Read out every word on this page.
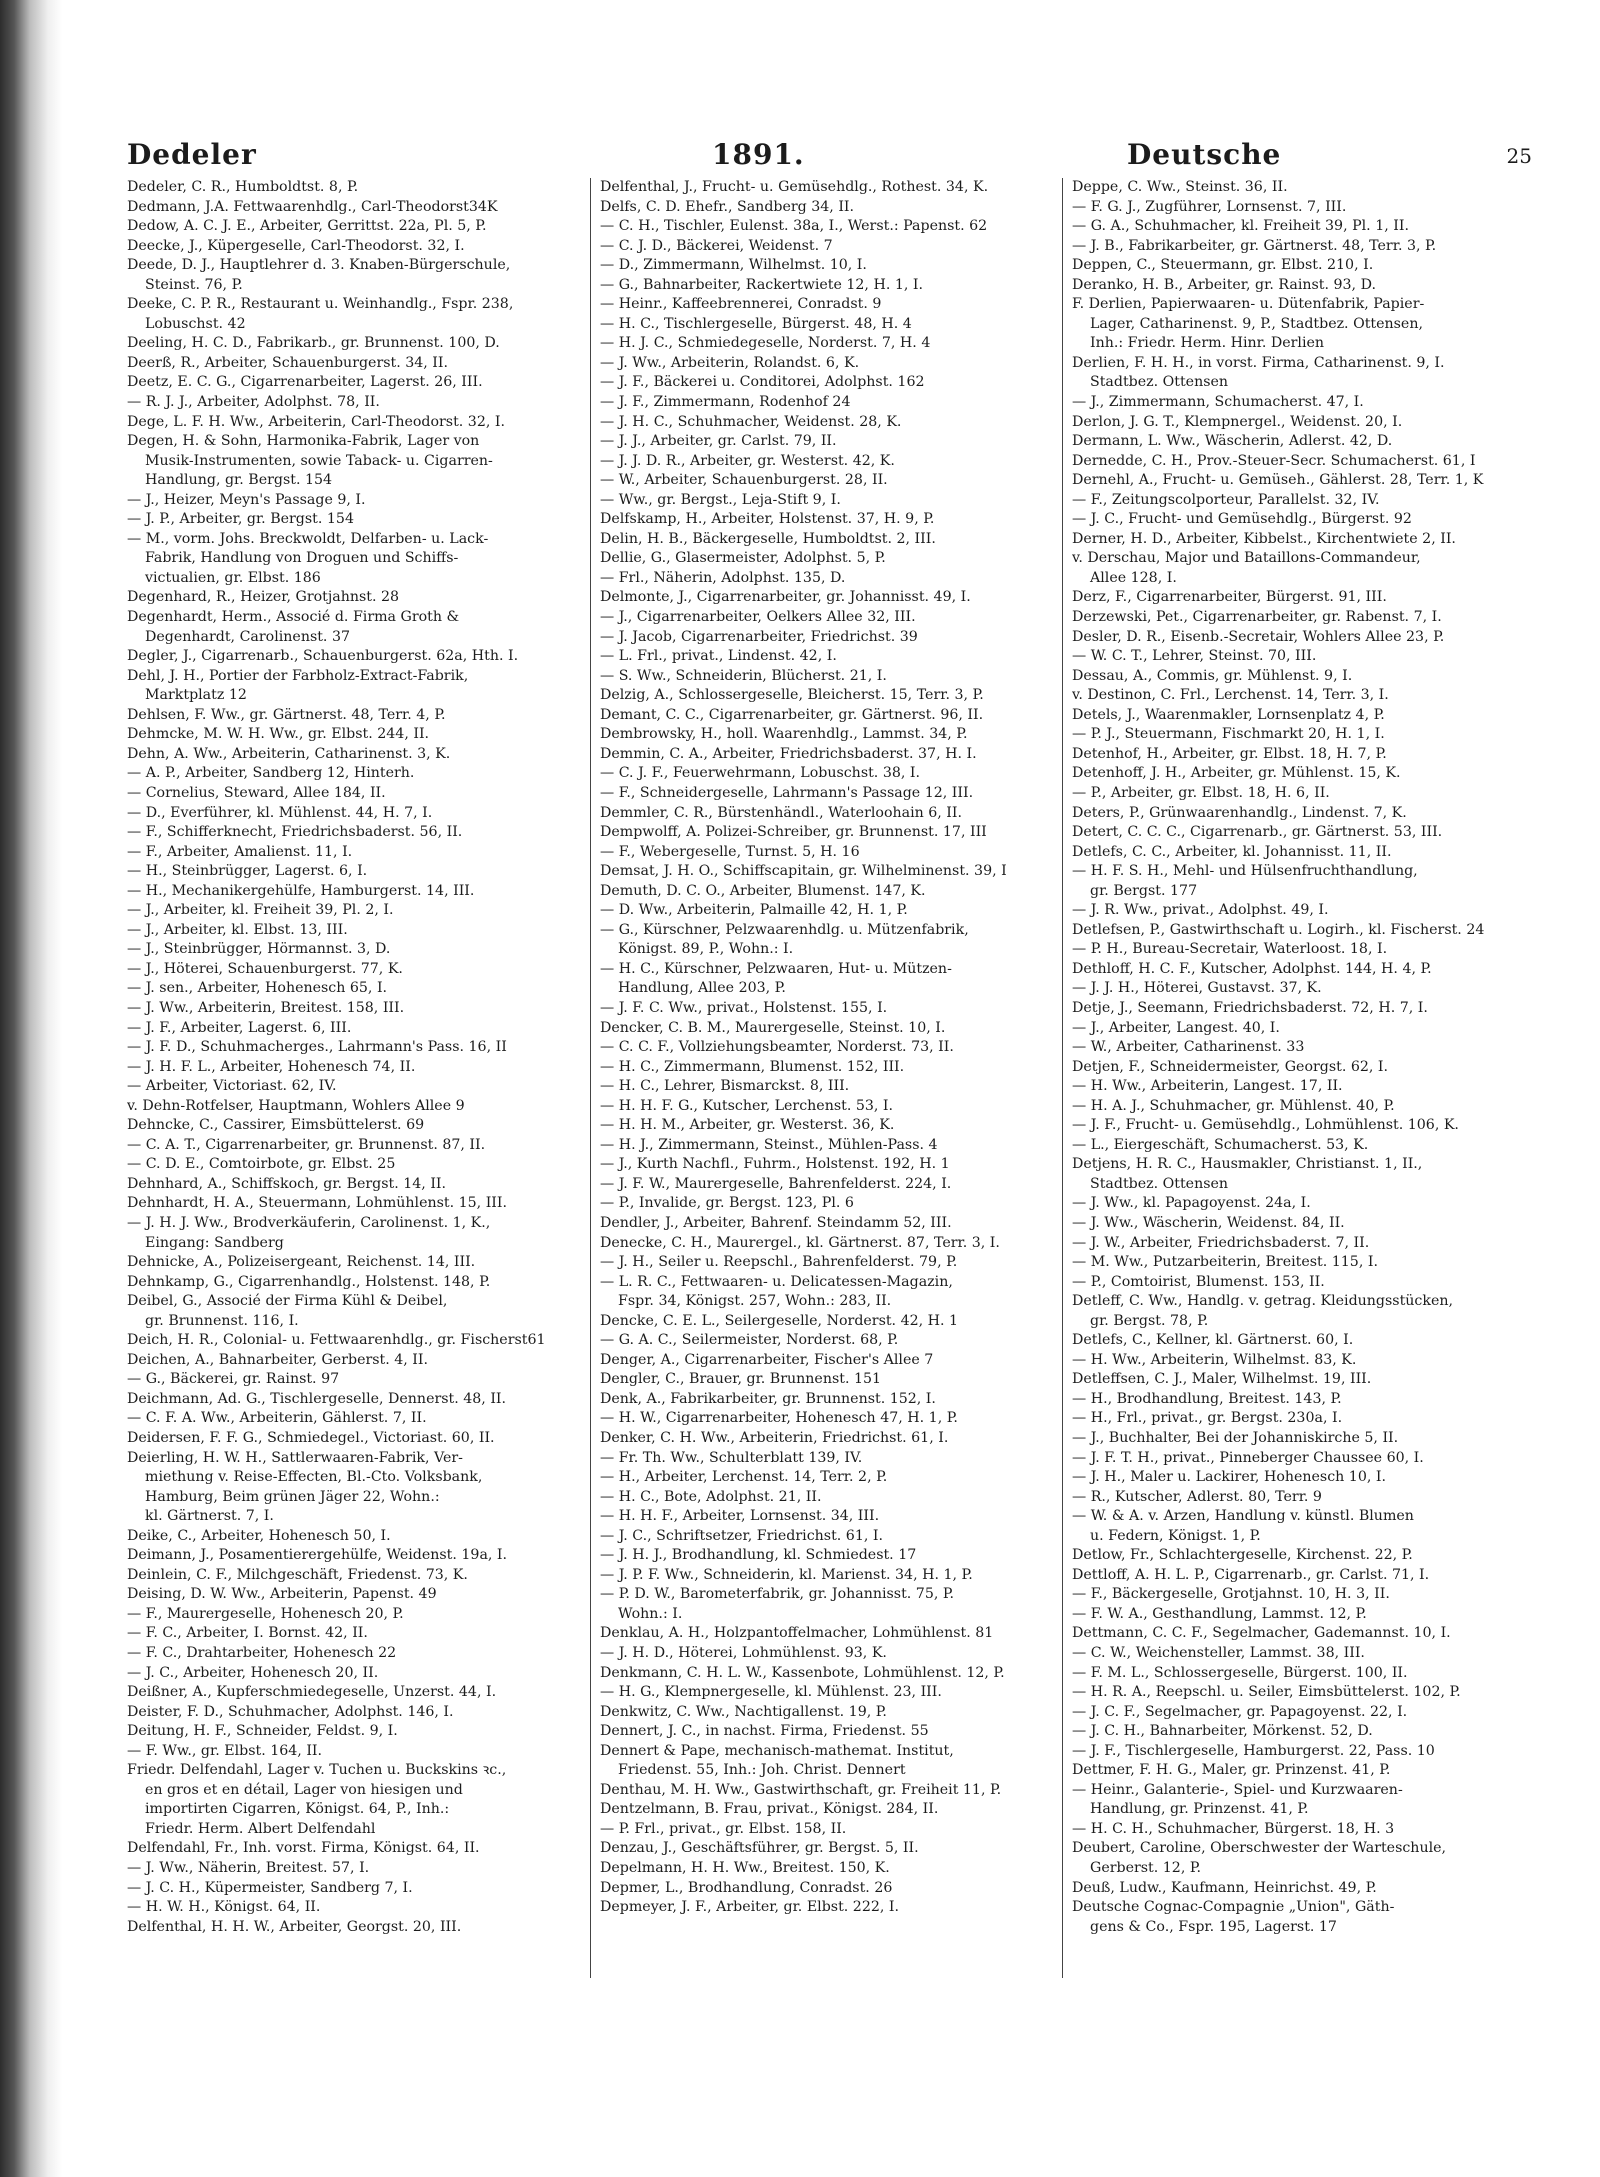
Dedeler	1891.	Deutsche	25
Dedeler, C. R., Humboldtst. 8, P.
Dedmann, J.A. Fettwaarenhdlg., Carl-Theodorst34K
Dedow, A. C. J. E., Arbeiter, Gerrittst. 22a, Pl. 5, P.
Deecke, J., Küpergeselle, Carl-Theodorst. 32, I.
Deede, D. J., Hauptlehrer d. 3. Knaben-Bürgerschule,
Steinst. 76, P.
Deeke, C. P. R., Restaurant u. Weinhandlg., Fspr. 238,
Lobuschst. 42
Deeling, H. C. D., Fabrikarb., gr. Brunnenst. 100, D.
Deerß, R., Arbeiter, Schauenburgerst. 34, II.
Deetz, E. C. G., Cigarrenarbeiter, Lagerst. 26, III.
— R. J. J., Arbeiter, Adolphst. 78, II.
Dege, L. F. H. Ww., Arbeiterin, Carl-Theodorst. 32, I.
Degen, H. & Sohn, Harmonika-Fabrik, Lager von
Musik-Instrumenten, sowie Taback- u. Cigarren-
Handlung, gr. Bergst. 154
— J., Heizer, Meyn's Passage 9, I.
— J. P., Arbeiter, gr. Bergst. 154
— M., vorm. Johs. Breckwoldt, Delfarben- u. Lack-
Fabrik, Handlung von Droguen und Schiffs-
victualien, gr. Elbst. 186
Degenhard, R., Heizer, Grotjahnst. 28
Degenhardt, Herm., Associé d. Firma Groth &
Degenhardt, Carolinenst. 37
Degler, J., Cigarrenarb., Schauenburgerst. 62a, Hth. I.
Dehl, J. H., Portier der Farbholz-Extract-Fabrik,
Marktplatz 12
Dehlsen, F. Ww., gr. Gärtnerst. 48, Terr. 4, P.
Dehmcke, M. W. H. Ww., gr. Elbst. 244, II.
Dehn, A. Ww., Arbeiterin, Catharinenst. 3, K.
— A. P., Arbeiter, Sandberg 12, Hinterh.
— Cornelius, Steward, Allee 184, II.
— D., Everführer, kl. Mühlenst. 44, H. 7, I.
— F., Schifferknecht, Friedrichsbaderst. 56, II.
— F., Arbeiter, Amalienst. 11, I.
— H., Steinbrügger, Lagerst. 6, I.
— H., Mechanikergehülfe, Hamburgerst. 14, III.
— J., Arbeiter, kl. Freiheit 39, Pl. 2, I.
— J., Arbeiter, kl. Elbst. 13, III.
— J., Steinbrügger, Hörmannst. 3, D.
— J., Höterei, Schauenburgerst. 77, K.
— J. sen., Arbeiter, Hohenesch 65, I.
— J. Ww., Arbeiterin, Breitest. 158, III.
— J. F., Arbeiter, Lagerst. 6, III.
— J. F. D., Schuhmacherges., Lahrmann's Pass. 16, II
— J. H. F. L., Arbeiter, Hohenesch 74, II.
— Arbeiter, Victoriast. 62, IV.
v. Dehn-Rotfelser, Hauptmann, Wohlers Allee 9
Dehncke, C., Cassirer, Eimsbüttelerst. 69
— C. A. T., Cigarrenarbeiter, gr. Brunnenst. 87, II.
— C. D. E., Comtoirbote, gr. Elbst. 25
Dehnhard, A., Schiffskoch, gr. Bergst. 14, II.
Dehnhardt, H. A., Steuermann, Lohmühlenst. 15, III.
— J. H. J. Ww., Brodverkäuferin, Carolinenst. 1, K.,
Eingang: Sandberg
Dehnicke, A., Polizeisergeant, Reichenst. 14, III.
Dehnkamp, G., Cigarrenhandlg., Holstenst. 148, P.
Deibel, G., Associé der Firma Kühl & Deibel,
gr. Brunnenst. 116, I.
Deich, H. R., Colonial- u. Fettwaarenhdlg., gr. Fischerst61
Deichen, A., Bahnarbeiter, Gerberst. 4, II.
— G., Bäckerei, gr. Rainst. 97
Deichmann, Ad. G., Tischlergeselle, Dennerst. 48, II.
— C. F. A. Ww., Arbeiterin, Gählerst. 7, II.
Deidersen, F. F. G., Schmiedegel., Victoriast. 60, II.
Deierling, H. W. H., Sattlerwaaren-Fabrik, Ver-
miethung v. Reise-Effecten, Bl.-Cto. Volksbank,
Hamburg, Beim grünen Jäger 22, Wohn.:
kl. Gärtnerst. 7, I.
Deike, C., Arbeiter, Hohenesch 50, I.
Deimann, J., Posamentierergehülfe, Weidenst. 19a, I.
Deinlein, C. F., Milchgeschäft, Friedenst. 73, K.
Deising, D. W. Ww., Arbeiterin, Papenst. 49
— F., Maurergeselle, Hohenesch 20, P.
— F. C., Arbeiter, I. Bornst. 42, II.
— F. C., Drahtarbeiter, Hohenesch 22
— J. C., Arbeiter, Hohenesch 20, II.
Deißner, A., Kupferschmiedegeselle, Unzerst. 44, I.
Deister, F. D., Schuhmacher, Adolphst. 146, I.
Deitung, H. F., Schneider, Feldst. 9, I.
— F. Ww., gr. Elbst. 164, II.
Friedr. Delfendahl, Lager v. Tuchen u. Buckskins ꝛc.,
en gros et en détail, Lager von hiesigen und
importirten Cigarren, Königst. 64, P., Inh.:
Friedr. Herm. Albert Delfendahl
Delfendahl, Fr., Inh. vorst. Firma, Königst. 64, II.
— J. Ww., Näherin, Breitest. 57, I.
— J. C. H., Küpermeister, Sandberg 7, I.
— H. W. H., Königst. 64, II.
Delfenthal, H. H. W., Arbeiter, Georgst. 20, III.
Delfenthal, J., Frucht- u. Gemüsehdlg., Rothest. 34, K.
Delfs, C. D. Ehefr., Sandberg 34, II.
— C. H., Tischler, Eulenst. 38a, I., Werst.: Papenst. 62
— C. J. D., Bäckerei, Weidenst. 7
— D., Zimmermann, Wilhelmst. 10, I.
— G., Bahnarbeiter, Rackertwiete 12, H. 1, I.
— Heinr., Kaffeebrennerei, Conradst. 9
— H. C., Tischlergeselle, Bürgerst. 48, H. 4
— H. J. C., Schmiedegeselle, Norderst. 7, H. 4
— J. Ww., Arbeiterin, Rolandst. 6, K.
— J. F., Bäckerei u. Conditorei, Adolphst. 162
— J. F., Zimmermann, Rodenhof 24
— J. H. C., Schuhmacher, Weidenst. 28, K.
— J. J., Arbeiter, gr. Carlst. 79, II.
— J. J. D. R., Arbeiter, gr. Westerst. 42, K.
— W., Arbeiter, Schauenburgerst. 28, II.
— Ww., gr. Bergst., Leja-Stift 9, I.
Delfskamp, H., Arbeiter, Holstenst. 37, H. 9, P.
Delin, H. B., Bäckergeselle, Humboldtst. 2, III.
Dellie, G., Glasermeister, Adolphst. 5, P.
— Frl., Näherin, Adolphst. 135, D.
Delmonte, J., Cigarrenarbeiter, gr. Johannisst. 49, I.
— J., Cigarrenarbeiter, Oelkers Allee 32, III.
— J. Jacob, Cigarrenarbeiter, Friedrichst. 39
— L. Frl., privat., Lindenst. 42, I.
— S. Ww., Schneiderin, Blücherst. 21, I.
Delzig, A., Schlossergeselle, Bleicherst. 15, Terr. 3, P.
Demant, C. C., Cigarrenarbeiter, gr. Gärtnerst. 96, II.
Dembrowsky, H., holl. Waarenhdlg., Lammst. 34, P.
Demmin, C. A., Arbeiter, Friedrichsbaderst. 37, H. I.
— C. J. F., Feuerwehrmann, Lobuschst. 38, I.
— F., Schneidergeselle, Lahrmann's Passage 12, III.
Demmler, C. R., Bürstenhändl., Waterloohain 6, II.
Dempwolff, A. Polizei-Schreiber, gr. Brunnenst. 17, III
— F., Webergeselle, Turnst. 5, H. 16
Demsat, J. H. O., Schiffscapitain, gr. Wilhelminenst. 39, I
Demuth, D. C. O., Arbeiter, Blumenst. 147, K.
— D. Ww., Arbeiterin, Palmaille 42, H. 1, P.
— G., Kürschner, Pelzwaarenhdlg. u. Mützenfabrik,
Königst. 89, P., Wohn.: I.
— H. C., Kürschner, Pelzwaaren, Hut- u. Mützen-
Handlung, Allee 203, P.
— J. F. C. Ww., privat., Holstenst. 155, I.
Dencker, C. B. M., Maurergeselle, Steinst. 10, I.
— C. C. F., Vollziehungsbeamter, Norderst. 73, II.
— H. C., Zimmermann, Blumenst. 152, III.
— H. C., Lehrer, Bismarckst. 8, III.
— H. H. F. G., Kutscher, Lerchenst. 53, I.
— H. H. M., Arbeiter, gr. Westerst. 36, K.
— H. J., Zimmermann, Steinst., Mühlen-Pass. 4
— J., Kurth Nachfl., Fuhrm., Holstenst. 192, H. 1
— J. F. W., Maurergeselle, Bahrenfelderst. 224, I.
— P., Invalide, gr. Bergst. 123, Pl. 6
Dendler, J., Arbeiter, Bahrenf. Steindamm 52, III.
Denecke, C. H., Maurergel., kl. Gärtnerst. 87, Terr. 3, I.
— J. H., Seiler u. Reepschl., Bahrenfelderst. 79, P.
— L. R. C., Fettwaaren- u. Delicatessen-Magazin,
Fspr. 34, Königst. 257, Wohn.: 283, II.
Dencke, C. E. L., Seilergeselle, Norderst. 42, H. 1
— G. A. C., Seilermeister, Norderst. 68, P.
Denger, A., Cigarrenarbeiter, Fischer's Allee 7
Dengler, C., Brauer, gr. Brunnenst. 151
Denk, A., Fabrikarbeiter, gr. Brunnenst. 152, I.
— H. W., Cigarrenarbeiter, Hohenesch 47, H. 1, P.
Denker, C. H. Ww., Arbeiterin, Friedrichst. 61, I.
— Fr. Th. Ww., Schulterblatt 139, IV.
— H., Arbeiter, Lerchenst. 14, Terr. 2, P.
— H. C., Bote, Adolphst. 21, II.
— H. H. F., Arbeiter, Lornsenst. 34, III.
— J. C., Schriftsetzer, Friedrichst. 61, I.
— J. H. J., Brodhandlung, kl. Schmiedest. 17
— J. P. F. Ww., Schneiderin, kl. Marienst. 34, H. 1, P.
— P. D. W., Barometerfabrik, gr. Johannisst. 75, P.
Wohn.: I.
Denklau, A. H., Holzpantoffelmacher, Lohmühlenst. 81
— J. H. D., Höterei, Lohmühlenst. 93, K.
Denkmann, C. H. L. W., Kassenbote, Lohmühlenst. 12, P.
— H. G., Klempnergeselle, kl. Mühlenst. 23, III.
Denkwitz, C. Ww., Nachtigallenst. 19, P.
Dennert, J. C., in nachst. Firma, Friedenst. 55
Dennert & Pape, mechanisch-mathemat. Institut,
Friedenst. 55, Inh.: Joh. Christ. Dennert
Denthau, M. H. Ww., Gastwirthschaft, gr. Freiheit 11, P.
Dentzelmann, B. Frau, privat., Königst. 284, II.
— P. Frl., privat., gr. Elbst. 158, II.
Denzau, J., Geschäftsführer, gr. Bergst. 5, II.
Depelmann, H. H. Ww., Breitest. 150, K.
Depmer, L., Brodhandlung, Conradst. 26
Depmeyer, J. F., Arbeiter, gr. Elbst. 222, I.
Deppe, C. Ww., Steinst. 36, II.
— F. G. J., Zugführer, Lornsenst. 7, III.
— G. A., Schuhmacher, kl. Freiheit 39, Pl. 1, II.
— J. B., Fabrikarbeiter, gr. Gärtnerst. 48, Terr. 3, P.
Deppen, C., Steuermann, gr. Elbst. 210, I.
Deranko, H. B., Arbeiter, gr. Rainst. 93, D.
F. Derlien, Papierwaaren- u. Dütenfabrik, Papier-
Lager, Catharinenst. 9, P., Stadtbez. Ottensen,
Inh.: Friedr. Herm. Hinr. Derlien
Derlien, F. H. H., in vorst. Firma, Catharinenst. 9, I.
Stadtbez. Ottensen
— J., Zimmermann, Schumacherst. 47, I.
Derlon, J. G. T., Klempnergel., Weidenst. 20, I.
Dermann, L. Ww., Wäscherin, Adlerst. 42, D.
Dernedde, C. H., Prov.-Steuer-Secr. Schumacherst. 61, I
Dernehl, A., Frucht- u. Gemüseh., Gählerst. 28, Terr. 1, K
— F., Zeitungscolporteur, Parallelst. 32, IV.
— J. C., Frucht- und Gemüsehdlg., Bürgerst. 92
Derner, H. D., Arbeiter, Kibbelst., Kirchentwiete 2, II.
v. Derschau, Major und Bataillons-Commandeur,
Allee 128, I.
Derz, F., Cigarrenarbeiter, Bürgerst. 91, III.
Derzewski, Pet., Cigarrenarbeiter, gr. Rabenst. 7, I.
Desler, D. R., Eisenb.-Secretair, Wohlers Allee 23, P.
— W. C. T., Lehrer, Steinst. 70, III.
Dessau, A., Commis, gr. Mühlenst. 9, I.
v. Destinon, C. Frl., Lerchenst. 14, Terr. 3, I.
Detels, J., Waarenmakler, Lornsenplatz 4, P.
— P. J., Steuermann, Fischmarkt 20, H. 1, I.
Detenhof, H., Arbeiter, gr. Elbst. 18, H. 7, P.
Detenhoff, J. H., Arbeiter, gr. Mühlenst. 15, K.
— P., Arbeiter, gr. Elbst. 18, H. 6, II.
Deters, P., Grünwaarenhandlg., Lindenst. 7, K.
Detert, C. C. C., Cigarrenarb., gr. Gärtnerst. 53, III.
Detlefs, C. C., Arbeiter, kl. Johannisst. 11, II.
— H. F. S. H., Mehl- und Hülsenfruchthandlung,
gr. Bergst. 177
— J. R. Ww., privat., Adolphst. 49, I.
Detlefsen, P., Gastwirthschaft u. Logirh., kl. Fischerst. 24
— P. H., Bureau-Secretair, Waterloost. 18, I.
Dethloff, H. C. F., Kutscher, Adolphst. 144, H. 4, P.
— J. J. H., Höterei, Gustavst. 37, K.
Detje, J., Seemann, Friedrichsbaderst. 72, H. 7, I.
— J., Arbeiter, Langest. 40, I.
— W., Arbeiter, Catharinenst. 33
Detjen, F., Schneidermeister, Georgst. 62, I.
— H. Ww., Arbeiterin, Langest. 17, II.
— H. A. J., Schuhmacher, gr. Mühlenst. 40, P.
— J. F., Frucht- u. Gemüsehdlg., Lohmühlenst. 106, K.
— L., Eiergeschäft, Schumacherst. 53, K.
Detjens, H. R. C., Hausmakler, Christianst. 1, II.,
Stadtbez. Ottensen
— J. Ww., kl. Papagoyenst. 24a, I.
— J. Ww., Wäscherin, Weidenst. 84, II.
— J. W., Arbeiter, Friedrichsbaderst. 7, II.
— M. Ww., Putzarbeiterin, Breitest. 115, I.
— P., Comtoirist, Blumenst. 153, II.
Detleff, C. Ww., Handlg. v. getrag. Kleidungsstücken,
gr. Bergst. 78, P.
Detlefs, C., Kellner, kl. Gärtnerst. 60, I.
— H. Ww., Arbeiterin, Wilhelmst. 83, K.
Detleffsen, C. J., Maler, Wilhelmst. 19, III.
— H., Brodhandlung, Breitest. 143, P.
— H., Frl., privat., gr. Bergst. 230a, I.
— J., Buchhalter, Bei der Johanniskirche 5, II.
— J. F. T. H., privat., Pinneberger Chaussee 60, I.
— J. H., Maler u. Lackirer, Hohenesch 10, I.
— R., Kutscher, Adlerst. 80, Terr. 9
— W. & A. v. Arzen, Handlung v. künstl. Blumen
u. Federn, Königst. 1, P.
Detlow, Fr., Schlachtergeselle, Kirchenst. 22, P.
Dettloff, A. H. L. P., Cigarrenarb., gr. Carlst. 71, I.
— F., Bäckergeselle, Grotjahnst. 10, H. 3, II.
— F. W. A., Gesthandlung, Lammst. 12, P.
Dettmann, C. C. F., Segelmacher, Gademannst. 10, I.
— C. W., Weichensteller, Lammst. 38, III.
— F. M. L., Schlossergeselle, Bürgerst. 100, II.
— H. R. A., Reepschl. u. Seiler, Eimsbüttelerst. 102, P.
— J. C. F., Segelmacher, gr. Papagoyenst. 22, I.
— J. C. H., Bahnarbeiter, Mörkenst. 52, D.
— J. F., Tischlergeselle, Hamburgerst. 22, Pass. 10
Dettmer, F. H. G., Maler, gr. Prinzenst. 41, P.
— Heinr., Galanterie-, Spiel- und Kurzwaaren-
Handlung, gr. Prinzenst. 41, P.
— H. C. H., Schuhmacher, Bürgerst. 18, H. 3
Deubert, Caroline, Oberschwester der Warteschule,
Gerberst. 12, P.
Deuß, Ludw., Kaufmann, Heinrichst. 49, P.
Deutsche Cognac-Compagnie „Union", Gäth-
gens & Co., Fspr. 195, Lagerst. 17
